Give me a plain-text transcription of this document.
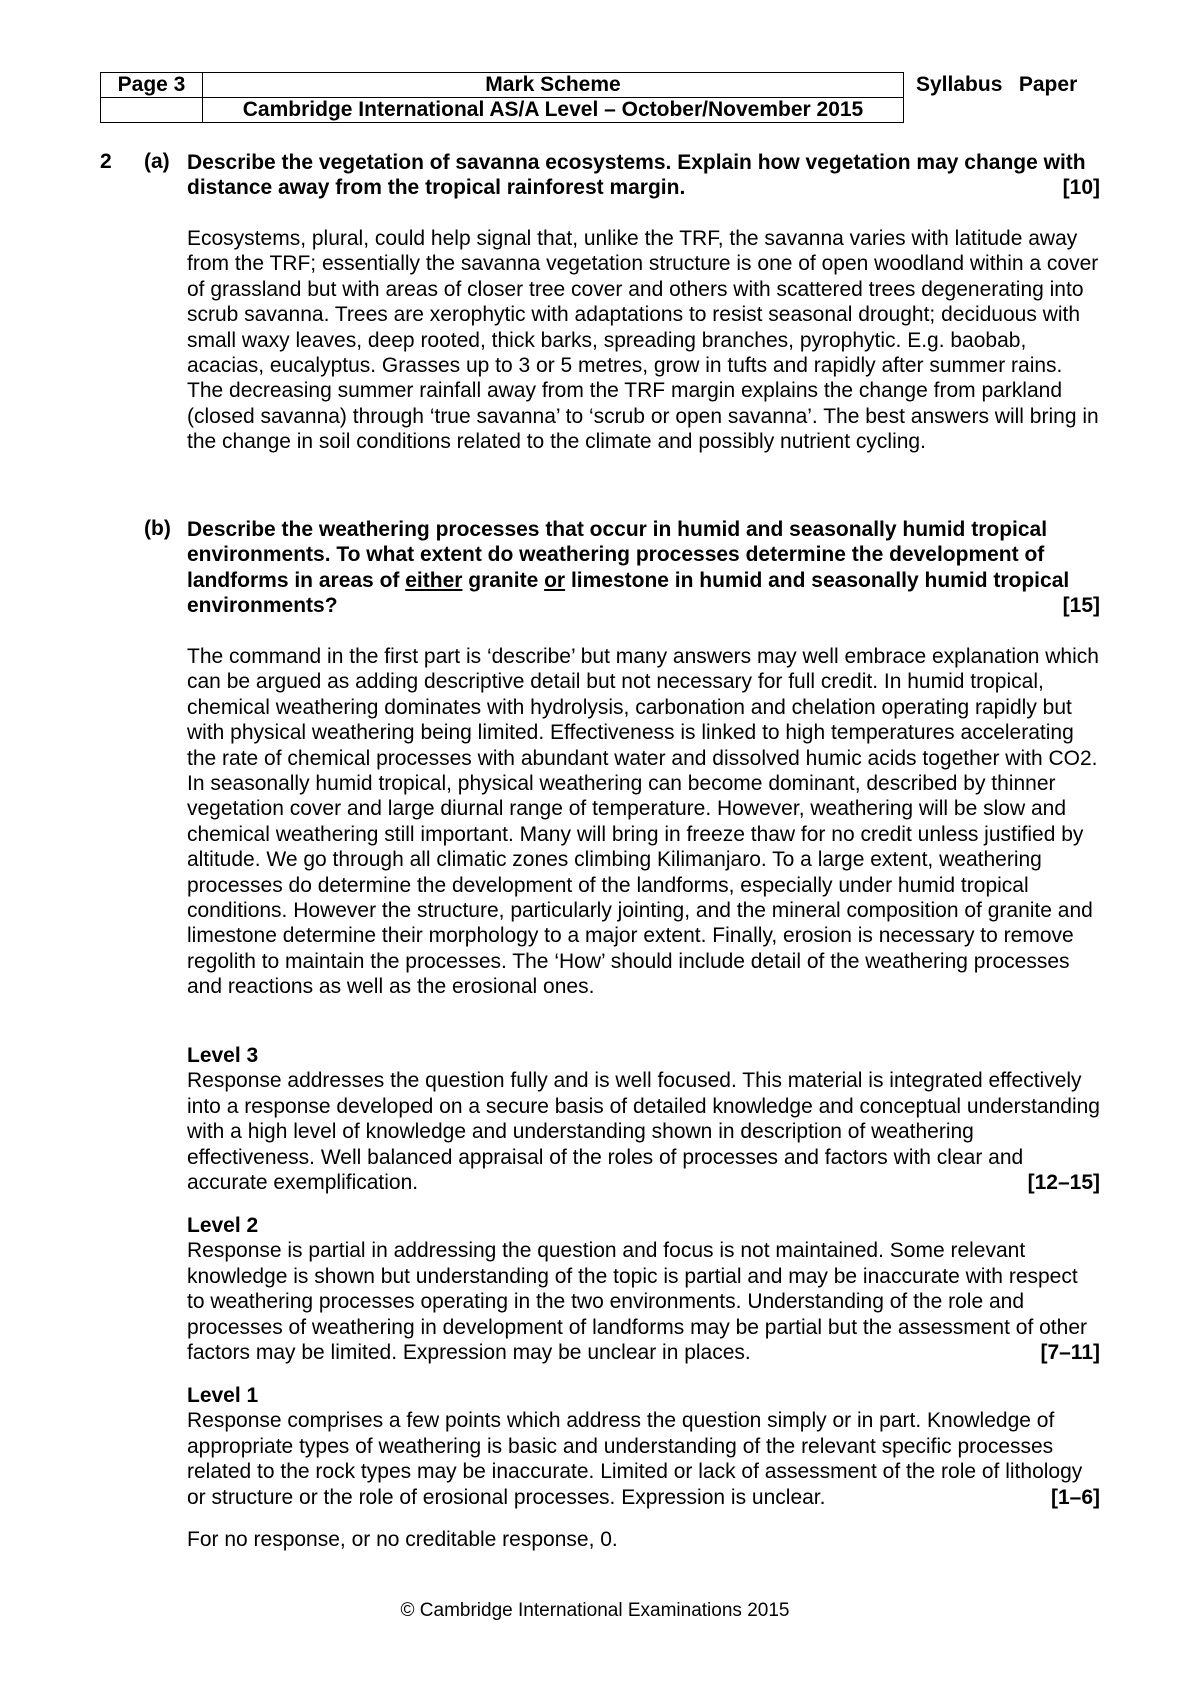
Page 3	Mark Scheme	Syllabus	Paper
	Cambridge International AS/A Level – October/November 2015		
2 (a) Describe the vegetation of savanna ecosystems. Explain how vegetation may change with distance away from the tropical rainforest margin.	[10]

Ecosystems, plural, could help signal that, unlike the TRF, the savanna varies with latitude away from the TRF; essentially the savanna vegetation structure is one of open woodland within a cover of grassland but with areas of closer tree cover and others with scattered trees degenerating into scrub savanna. Trees are xerophytic with adaptations to resist seasonal drought; deciduous with small waxy leaves, deep rooted, thick barks, spreading branches, pyrophytic. E.g. baobab, acacias, eucalyptus. Grasses up to 3 or 5 metres, grow in tufts and rapidly after summer rains. The decreasing summer rainfall away from the TRF margin explains the change from parkland (closed savanna) through ‘true savanna’ to ‘scrub or open savanna’. The best answers will bring in the change in soil conditions related to the climate and possibly nutrient cycling.

(b) Describe the weathering processes that occur in humid and seasonally humid tropical environments. To what extent do weathering processes determine the development of landforms in areas of either granite or limestone in humid and seasonally humid tropical environments?	[15]

The command in the first part is ‘describe’ but many answers may well embrace explanation which can be argued as adding descriptive detail but not necessary for full credit. In humid tropical, chemical weathering dominates with hydrolysis, carbonation and chelation operating rapidly but with physical weathering being limited. Effectiveness is linked to high temperatures accelerating the rate of chemical processes with abundant water and dissolved humic acids together with CO2. In seasonally humid tropical, physical weathering can become dominant, described by thinner vegetation cover and large diurnal range of temperature. However, weathering will be slow and chemical weathering still important. Many will bring in freeze thaw for no credit unless justified by altitude. We go through all climatic zones climbing Kilimanjaro. To a large extent, weathering processes do determine the development of the landforms, especially under humid tropical conditions. However the structure, particularly jointing, and the mineral composition of granite and limestone determine their morphology to a major extent. Finally, erosion is necessary to remove regolith to maintain the processes. The ‘How’ should include detail of the weathering processes and reactions as well as the erosional ones.

Level 3
Response addresses the question fully and is well focused. This material is integrated effectively into a response developed on a secure basis of detailed knowledge and conceptual understanding with a high level of knowledge and understanding shown in description of weathering effectiveness. Well balanced appraisal of the roles of processes and factors with clear and accurate exemplification.	[12–15]
Level 2
Response is partial in addressing the question and focus is not maintained. Some relevant knowledge is shown but understanding of the topic is partial and may be inaccurate with respect to weathering processes operating in the two environments. Understanding of the role and processes of weathering in development of landforms may be partial but the assessment of other factors may be limited. Expression may be unclear in places.	[7–11]
Level 1
Response comprises a few points which address the question simply or in part. Knowledge of appropriate types of weathering is basic and understanding of the relevant specific processes related to the rock types may be inaccurate. Limited or lack of assessment of the role of lithology or structure or the role of erosional processes. Expression is unclear.	[1–6]

For no response, or no creditable response, 0.

© Cambridge International Examinations 2015
